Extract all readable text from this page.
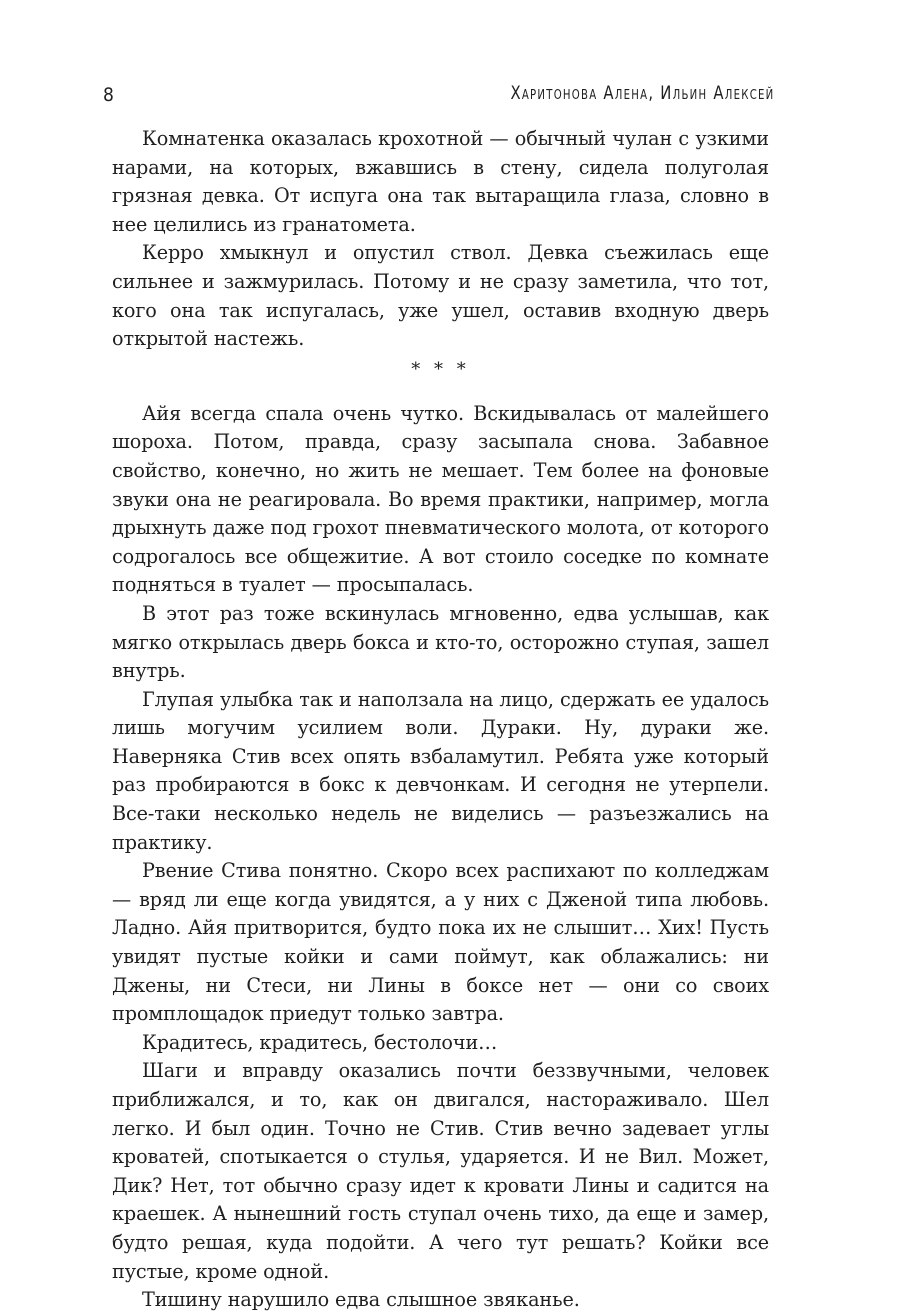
8	Харитонова Алена, Ильин Алексей

Комнатенка оказалась крохотной — обычный чулан с узкими нарами, на которых, вжавшись в стену, сидела полуголая грязная девка. От испуга она так вытаращила глаза, словно в нее целились из гранатомета.

Керро хмыкнул и опустил ствол. Девка съежилась еще сильнее и зажмурилась. Потому и не сразу заметила, что тот, кого она так испугалась, уже ушел, оставив входную дверь открытой настежь.

* * *

Айя всегда спала очень чутко. Вскидывалась от малейшего шороха. Потом, правда, сразу засыпала снова. Забавное свойство, конечно, но жить не мешает. Тем более на фоновые звуки она не реагировала. Во время практики, например, могла дрыхнуть даже под грохот пневматического молота, от которого содрогалось все общежитие. А вот стоило соседке по комнате подняться в туалет — просыпалась.

В этот раз тоже вскинулась мгновенно, едва услышав, как мягко открылась дверь бокса и кто-то, осторожно ступая, зашел внутрь.

Глупая улыбка так и наползала на лицо, сдержать ее удалось лишь могучим усилием воли. Дураки. Ну, дураки же. Наверняка Стив всех опять взбаламутил. Ребята уже который раз пробираются в бокс к девчонкам. И сегодня не утерпели. Все-таки несколько недель не виделись — разъезжались на практику.

Рвение Стива понятно. Скоро всех распихают по колледжам — вряд ли еще когда увидятся, а у них с Дженой типа любовь. Ладно. Айя притворится, будто пока их не слышит… Хих! Пусть увидят пустые койки и сами поймут, как облажались: ни Джены, ни Стеси, ни Лины в боксе нет — они со своих промплощадок приедут только завтра.

Крадитесь, крадитесь, бестолочи…

Шаги и вправду оказались почти беззвучными, человек приближался, и то, как он двигался, настораживало. Шел легко. И был один. Точно не Стив. Стив вечно задевает углы кроватей, спотыкается о стулья, ударяется. И не Вил. Может, Дик? Нет, тот обычно сразу идет к кровати Лины и садится на краешек. А нынешний гость ступал очень тихо, да еще и замер, будто решая, куда подойти. А чего тут решать? Койки все пустые, кроме одной.

Тишину нарушило едва слышное звяканье.
